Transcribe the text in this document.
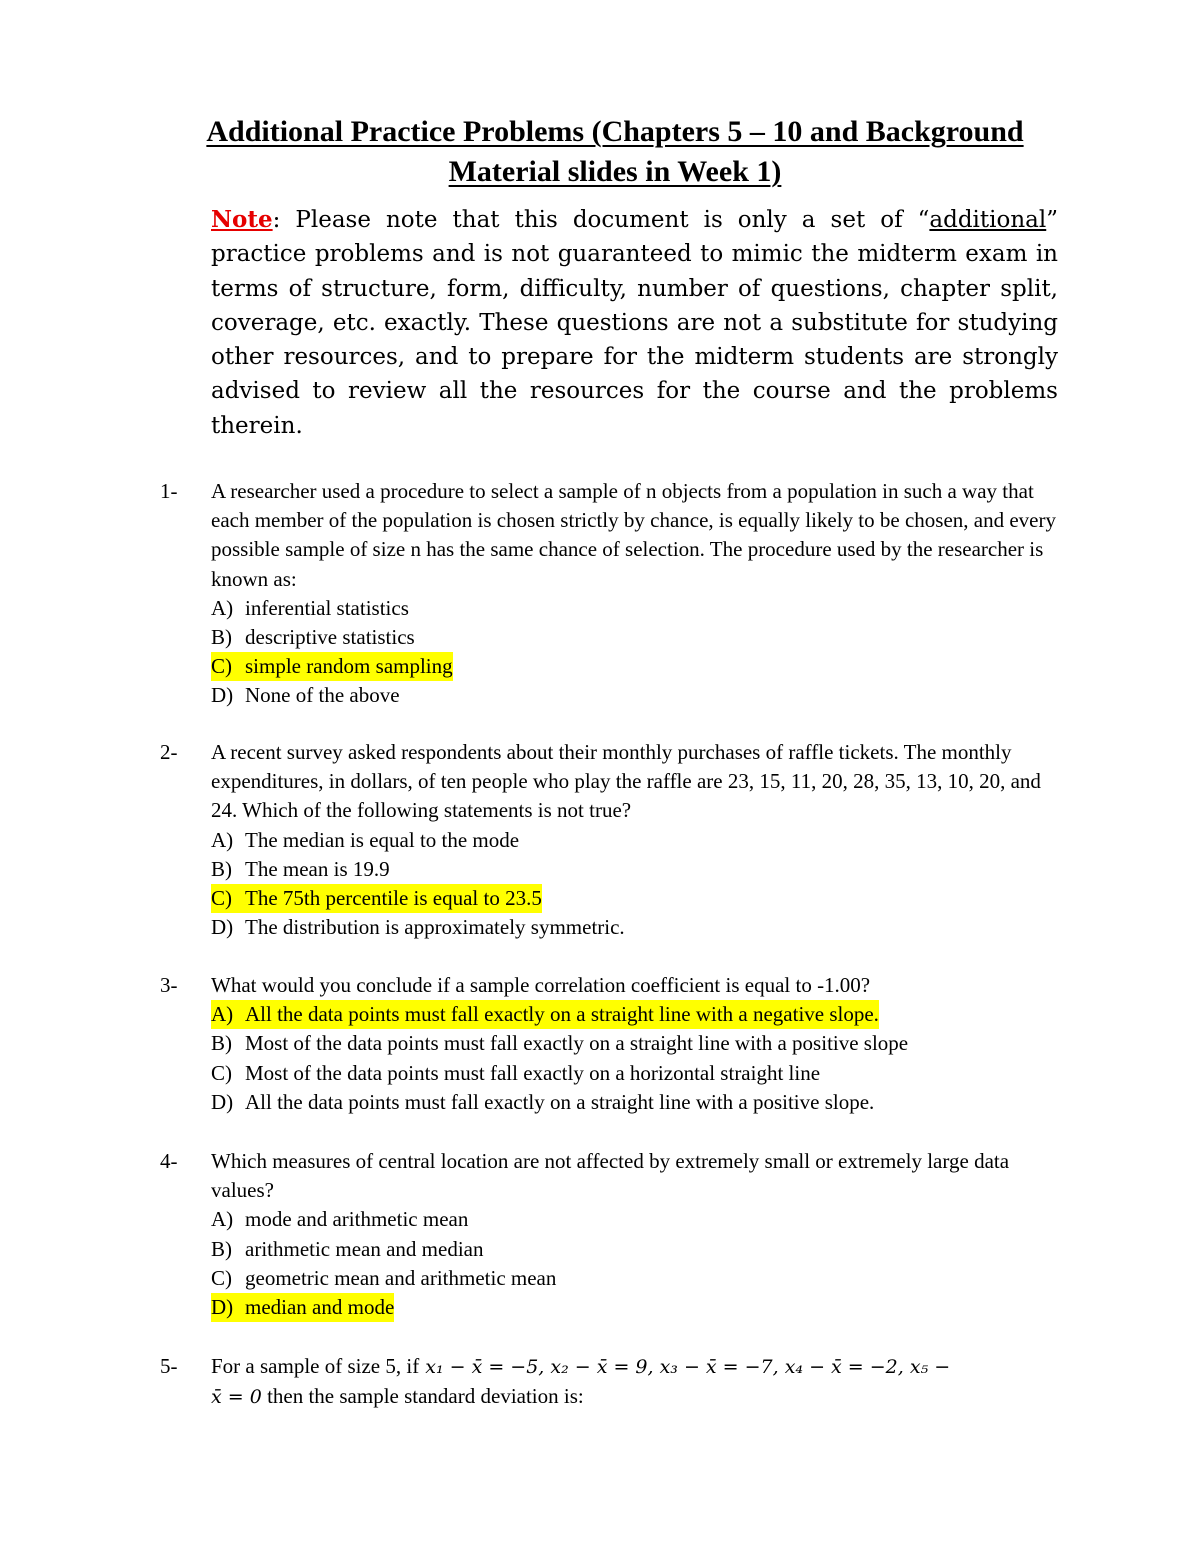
Additional Practice Problems (Chapters 5 – 10 and Background
Material slides in Week 1)
Note: Please note that this document is only a set of “additional” practice problems and is not guaranteed to mimic the midterm exam in terms of structure, form, difficulty, number of questions, chapter split, coverage, etc. exactly. These questions are not a substitute for studying other resources, and to prepare for the midterm students are strongly advised to review all the resources for the course and the problems therein.
1-	A researcher used a procedure to select a sample of n objects from a population in such a way that each member of the population is chosen strictly by chance, is equally likely to be chosen, and every possible sample of size n has the same chance of selection. The procedure used by the researcher is known as:
A) inferential statistics
B) descriptive statistics
C) simple random sampling
D) None of the above
2-	A recent survey asked respondents about their monthly purchases of raffle tickets. The monthly expenditures, in dollars, of ten people who play the raffle are 23, 15, 11, 20, 28, 35, 13, 10, 20, and 24. Which of the following statements is not true?
A) The median is equal to the mode
B) The mean is 19.9
C) The 75th percentile is equal to 23.5
D) The distribution is approximately symmetric.
3-	What would you conclude if a sample correlation coefficient is equal to -1.00?
A) All the data points must fall exactly on a straight line with a negative slope.
B) Most of the data points must fall exactly on a straight line with a positive slope
C) Most of the data points must fall exactly on a horizontal straight line
D) All the data points must fall exactly on a straight line with a positive slope.
4-	Which measures of central location are not affected by extremely small or extremely large data values?
A) mode and arithmetic mean
B) arithmetic mean and median
C) geometric mean and arithmetic mean
D) median and mode
5-	For a sample of size 5, if x₁ − x̄ = −5, x₂ − x̄ = 9, x₃ − x̄ = −7, x₄ − x̄ = −2, x₅ −
x̄ = 0 then the sample standard deviation is:
